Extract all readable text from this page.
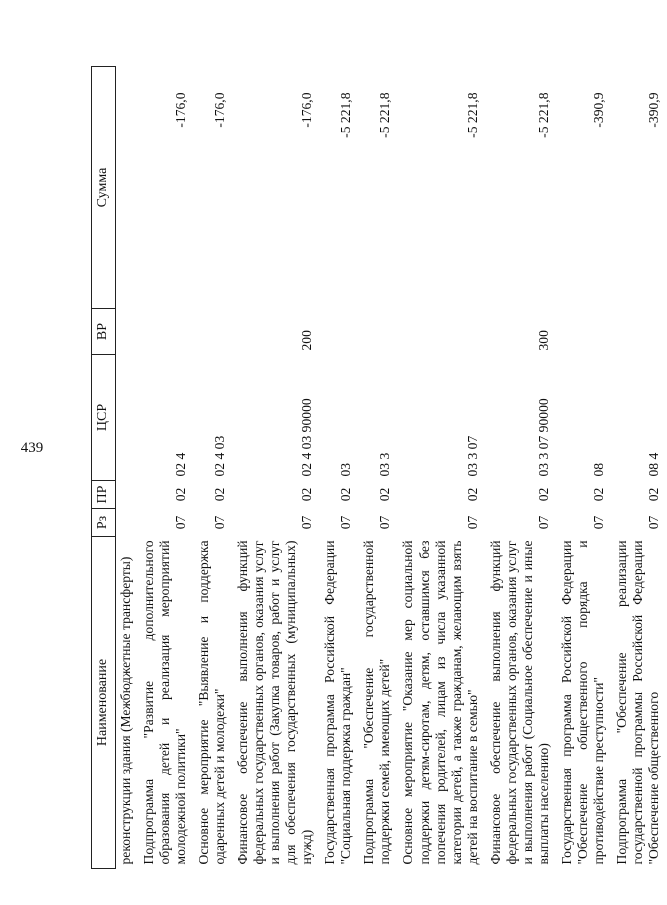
439
Наименование	Рз	ПР	ЦСР	ВР	Сумма
реконструкции здания (Межбюджетные трансферты)					
Подпрограмма "Развитие дополнительного образования детей и реализация мероприятий молодежной политики"	07	02	02 4		-176,0
Основное мероприятие "Выявление и поддержка одаренных детей и молодежи"	07	02	02 4 03		-176,0
Финансовое обеспечение выполнения функций федеральных государственных органов, оказания услуг и выполнения работ (Закупка товаров, работ и услуг для обеспечения государственных (муниципальных) нужд)	07	02	02 4 03 90000	200	-176,0
Государственная программа Российской Федерации "Социальная поддержка граждан"	07	02	03		-5 221,8
Подпрограмма "Обеспечение государственной поддержки семей, имеющих детей"	07	02	03 3		-5 221,8
Основное мероприятие "Оказание мер социальной поддержки детям-сиротам, детям, оставшимся без попечения родителей, лицам из числа указанной категории детей, а также гражданам, желающим взять детей на воспитание в семью"	07	02	03 3 07		-5 221,8
Финансовое обеспечение выполнения функций федеральных государственных органов, оказания услуг и выполнения работ (Социальное обеспечение и иные выплаты населению)	07	02	03 3 07 90000	300	-5 221,8
Государственная программа Российской Федерации "Обеспечение общественного порядка и противодействие преступности"	07	02	08		-390,9
Подпрограмма "Обеспечение реализации государственной программы Российской Федерации "Обеспечение общественного	07	02	08 4		-390,9
